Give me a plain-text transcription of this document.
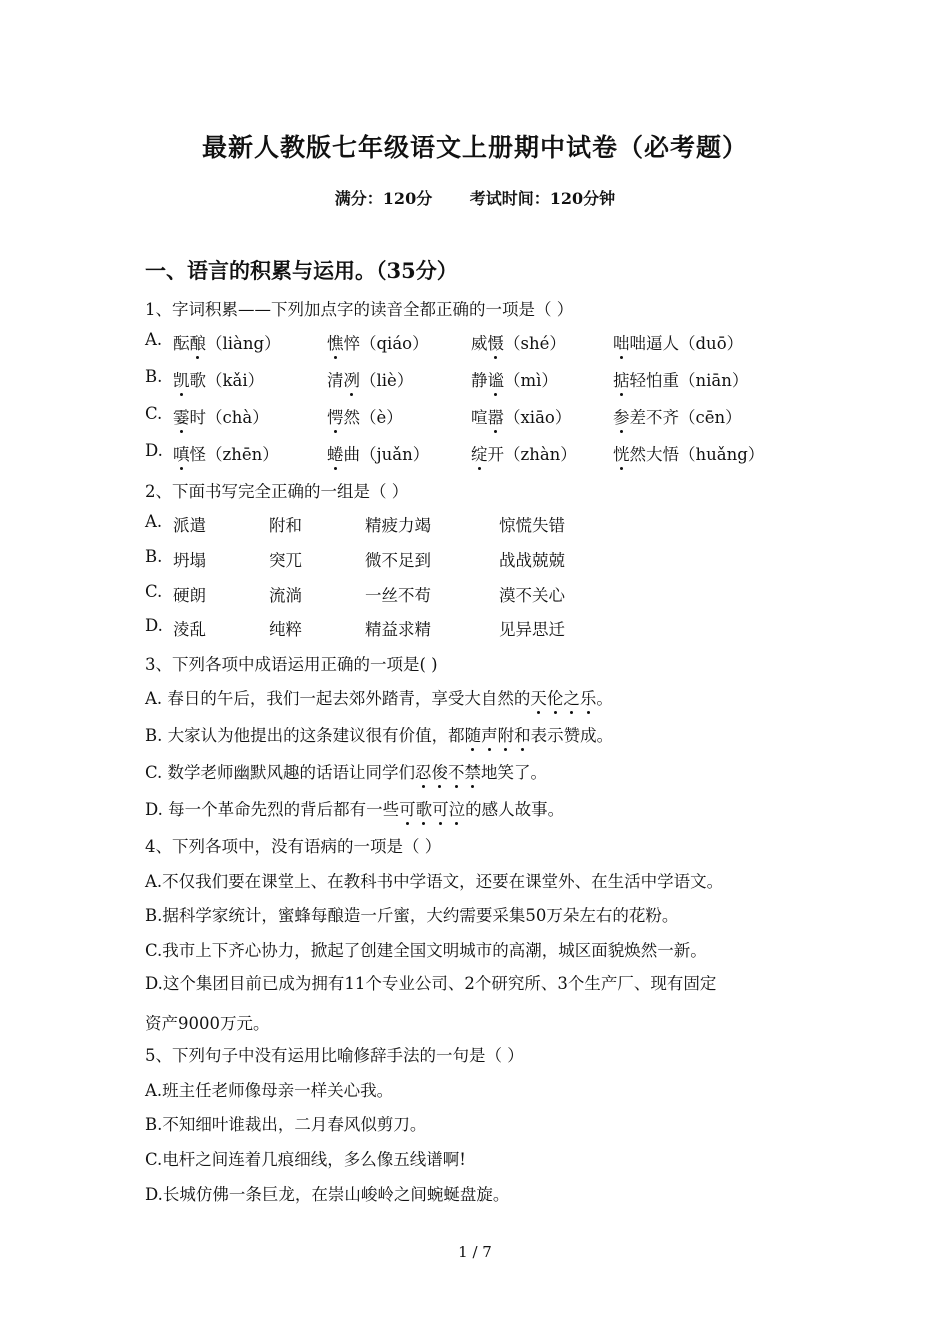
最新人教版七年级语文上册期中试卷（必考题）
满分：120分 考试时间：120分钟
一、语言的积累与运用。（35分）
1、字词积累——下列加点字的读音全都正确的一项是（ ）
A. 酝酿（liàng）	憔悴（qiáo）	威慑（shé）	咄咄逼人（duō）
B. 凯歌（kǎi）	清冽（liè）	静谧（mì）	掂轻怕重（niān）
C. 霎时（chà）	愕然（è）	喧嚣（xiāo）	参差不齐（cēn）
D. 嗔怪（zhēn）	蜷曲（juǎn）	绽开（zhàn） 恍然大悟（huǎng）
2、下面书写完全正确的一组是（ ）
A. 派遣	附和	精疲力竭	惊慌失错
B. 坍塌	突兀	微不足到	战战兢兢
C. 硬朗	流淌	一丝不苟	漠不关心
D. 淩乱	纯粹	精益求精	见异思迁
3、下列各项中成语运用正确的一项是( )
A. 春日的午后，我们一起去郊外踏青，享受大自然的天伦之乐。
B. 大家认为他提出的这条建议很有价值，都随声附和表示赞成。
C. 数学老师幽默风趣的话语让同学们忍俊不禁地笑了。
D. 每一个革命先烈的背后都有一些可歌可泣的感人故事。
4、下列各项中，没有语病的一项是（ ）
A.不仅我们要在课堂上、在教科书中学语文，还要在课堂外、在生活中学语文。
B.据科学家统计，蜜蜂每酿造一斤蜜，大约需要采集50万朵左右的花粉。
C.我市上下齐心协力，掀起了创建全国文明城市的高潮，城区面貌焕然一新。
D.这个集团目前已成为拥有11个专业公司、2个研究所、3个生产厂、现有固定
资产9000万元。
5、下列句子中没有运用比喻修辞手法的一句是（ ）
A.班主任老师像母亲一样关心我。
B.不知细叶谁裁出，二月春风似剪刀。
C.电杆之间连着几痕细线，多么像五线谱啊!
D.长城仿佛一条巨龙，在崇山峻岭之间蜿蜒盘旋。
1 / 7
